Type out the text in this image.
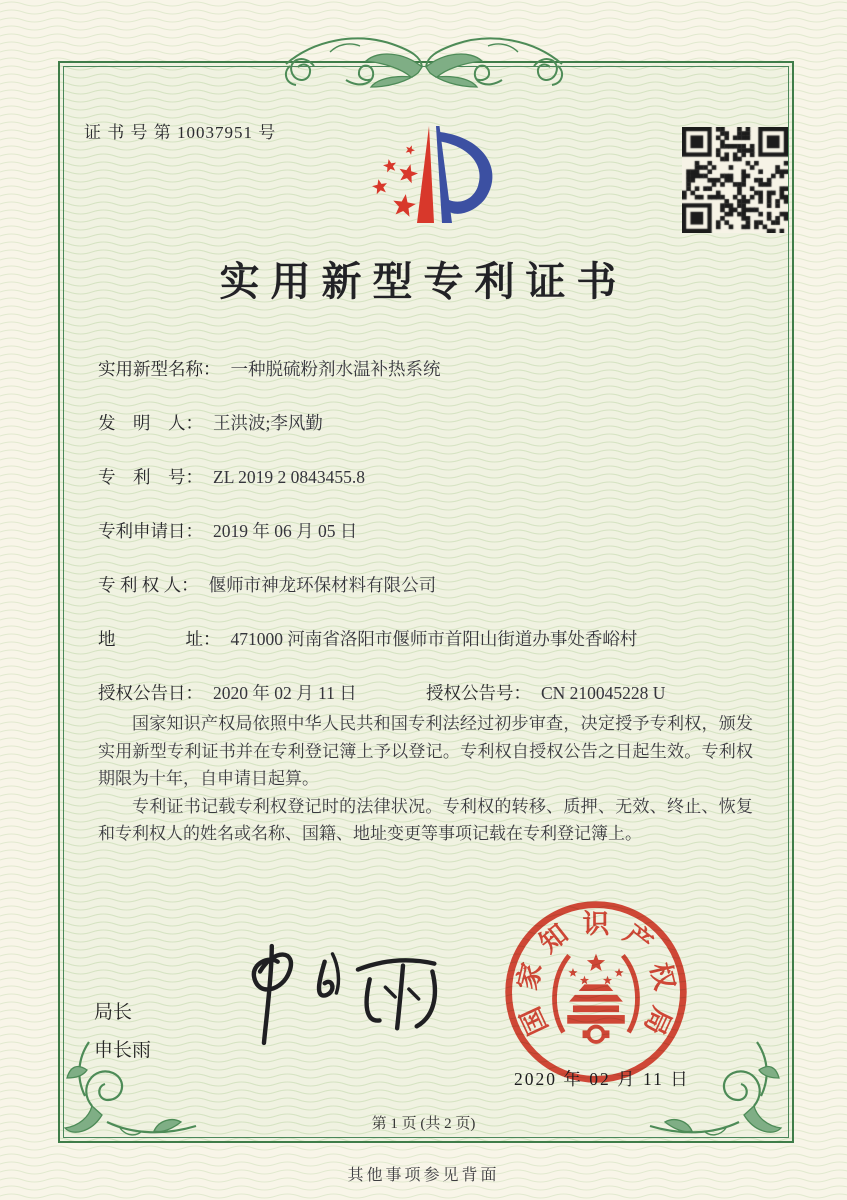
证 书 号 第 10037951 号
实用新型专利证书
实用新型名称： 一种脱硫粉剂水温补热系统
发　明　人： 王洪波;李风勤
专　利　号： ZL 2019 2 0843455.8
专利申请日： 2019 年 06 月 05 日
专 利 权 人： 偃师市神龙环保材料有限公司
地　　　　址： 471000 河南省洛阳市偃师市首阳山街道办事处香峪村
授权公告日： 2020 年 02 月 11 日	授权公告号： CN 210045228 U

国家知识产权局依照中华人民共和国专利法经过初步审查，决定授予专利权，颁发实用新型专利证书并在专利登记簿上予以登记。专利权自授权公告之日起生效。专利权期限为十年，自申请日起算。

专利证书记载专利权登记时的法律状况。专利权的转移、质押、无效、终止、恢复和专利权人的姓名或名称、国籍、地址变更等事项记载在专利登记簿上。

局长
申长雨
国
家
知 识 产
权
局
2020 年 02 月 11 日
第 1 页 (共 2 页)
其他事项参见背面
